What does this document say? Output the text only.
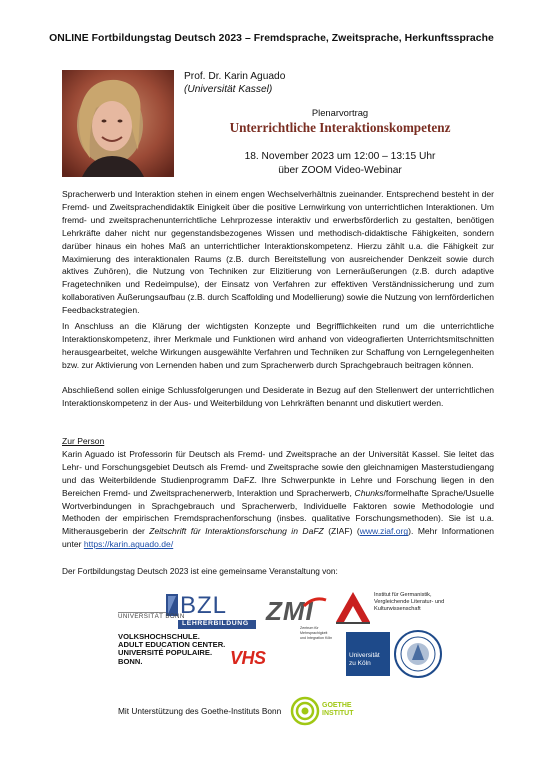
ONLINE Fortbildungstag Deutsch 2023 – Fremdsprache, Zweitsprache, Herkunftssprache
Prof. Dr. Karin Aguado
(Universität Kassel)
Plenarvortrag
Unterrichtliche Interaktionskompetenz
18. November 2023 um 12:00 – 13:15 Uhr
über ZOOM Video-Webinar

Spracherwerb und Interaktion stehen in einem engen Wechselverhältnis zueinander. Entsprechend besteht in der Fremd- und Zweitsprachendidaktik Einigkeit über die positive Lernwirkung von unterrichtlichen Interaktionen. Um fremd- und zweitsprachenunterrichtliche Lehrprozesse interaktiv und erwerbsförderlich zu gestalten, benötigen Lehrkräfte daher nicht nur gegenstandsbezogenes Wissen und methodisch-didaktische Fähigkeiten, sondern darüber hinaus ein hohes Maß an unterrichtlicher Interaktionskompetenz. Hierzu zählt u.a. die Fähigkeit zur Maximierung des interaktionalen Raums (z.B. durch Bereitstellung von ausreichender Denkzeit sowie durch aktives Zuhören), die Nutzung von Techniken zur Elizitierung von Lerneräußerungen (z.B. durch adaptive Fragetechniken und Redeimpulse), der Einsatz von Verfahren zur effektiven Verständnissicherung und zum kollaborativen Äußerungsaufbau (z.B. durch Scaffolding und Modellierung) sowie die Nutzung von lernförderlichen Feedbackstrategien.

In Anschluss an die Klärung der wichtigsten Konzepte und Begrifflichkeiten rund um die unterrichtliche Interaktionskompetenz, ihrer Merkmale und Funktionen wird anhand von videografierten Unterrichtsmitschnitten herausgearbeitet, welche Wirkungen ausgewählte Verfahren und Techniken zur Schaffung von Lerngelegenheiten bzw. zur Aktivierung von Lernenden haben und zum Spracherwerb durch Sprachgebrauch beitragen können.

Abschließend sollen einige Schlussfolgerungen und Desiderate in Bezug auf den Stellenwert der unterrichtlichen Interaktionskompetenz in der Aus- und Weiterbildung von Lehrkräften benannt und diskutiert werden.

Zur Person

Karin Aguado ist Professorin für Deutsch als Fremd- und Zweitsprache an der Universität Kassel. Sie leitet das Lehr- und Forschungsgebiet Deutsch als Fremd- und Zweitsprache sowie den gleichnamigen Masterstudiengang und das Weiterbildende Studienprogramm DaFZ. Ihre Schwerpunkte in Lehre und Forschung liegen in den Bereichen Fremd- und Zweitsprachenerwerb, Interaktion und Spracherwerb, Chunks/formelhafte Sprache/Usuelle Wortverbindungen in Sprachgebrauch und Spracherwerb, Individuelle Faktoren sowie Methodologie und Methoden der empirischen Fremdsprachenforschung (insbes. qualitative Forschungsmethoden). Sie ist u.a. Mitherausgeberin der Zeitschrift für Interaktionsforschung in DaFZ (ZIAF) (www.ziaf.org). Mehr Informationen unter https://karin.aguado.de/

Der Fortbildungstag Deutsch 2023 ist eine gemeinsame Veranstaltung von:
UNIVERSITÄT BONN
BZL
LEHRERBILDUNG ZMI
Zentrum für
Mehrsprachigkeit
und Integration Köln
Institut für Germanistik,
Vergleichende Literatur- und
Kulturwissenschaft
VOLKSHOCHSCHULE.
ADULT EDUCATION CENTER.
UNIVERSITÉ POPULAIRE.
BONN.	VHS	Universität
zu Köln
Mit Unterstützung des Goethe-Instituts Bonn
GOETHE
INSTITUT
